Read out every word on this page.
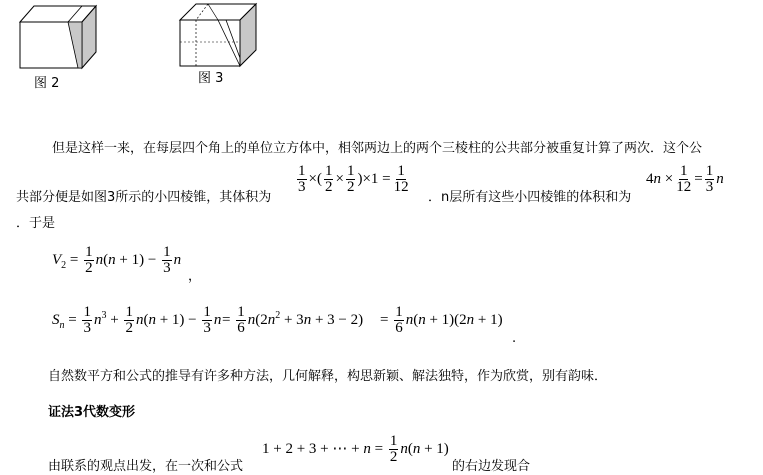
图 2	图 3
但是这样一来，在每层四个角上的单位立方体中，相邻两边上的两个三棱柱的公共部分被重复计算了两次．这个公
共部分便是如图3所示的小四棱锥，其体积为
$\frac{1}{3}$ ×( $\frac{1}{2} \times \frac{1}{2} )\times 1 = \frac{1}{12}$
．n层所有这些小四棱锥的体积和为
$4n \times \frac{1}{12} = \frac{1}{3}$ n
．于是
$V_2 = \frac{1}{2} n(n + 1) - \frac{1}{3}$ n
，
$S_n = \frac{1}{3} n^3 + \frac{1}{2} n(n + 1) - \frac{1}{3}$ $n = \frac{1}{6} n(2n^2 + 3n + 3 - 2) = \frac{1}{6} n(n + 1)(2n + 1)$
.
自然数平方和公式的推导有许多种方法，几何解释，构思新颖、解法独特，作为欣赏，别有韵味．
证法3代数变形
由联系的观点出发，在一次和公式
1 + 2 + 3 + ⋯ + $n = \frac{1}{2} n(n + 1)$
的右边发现合
